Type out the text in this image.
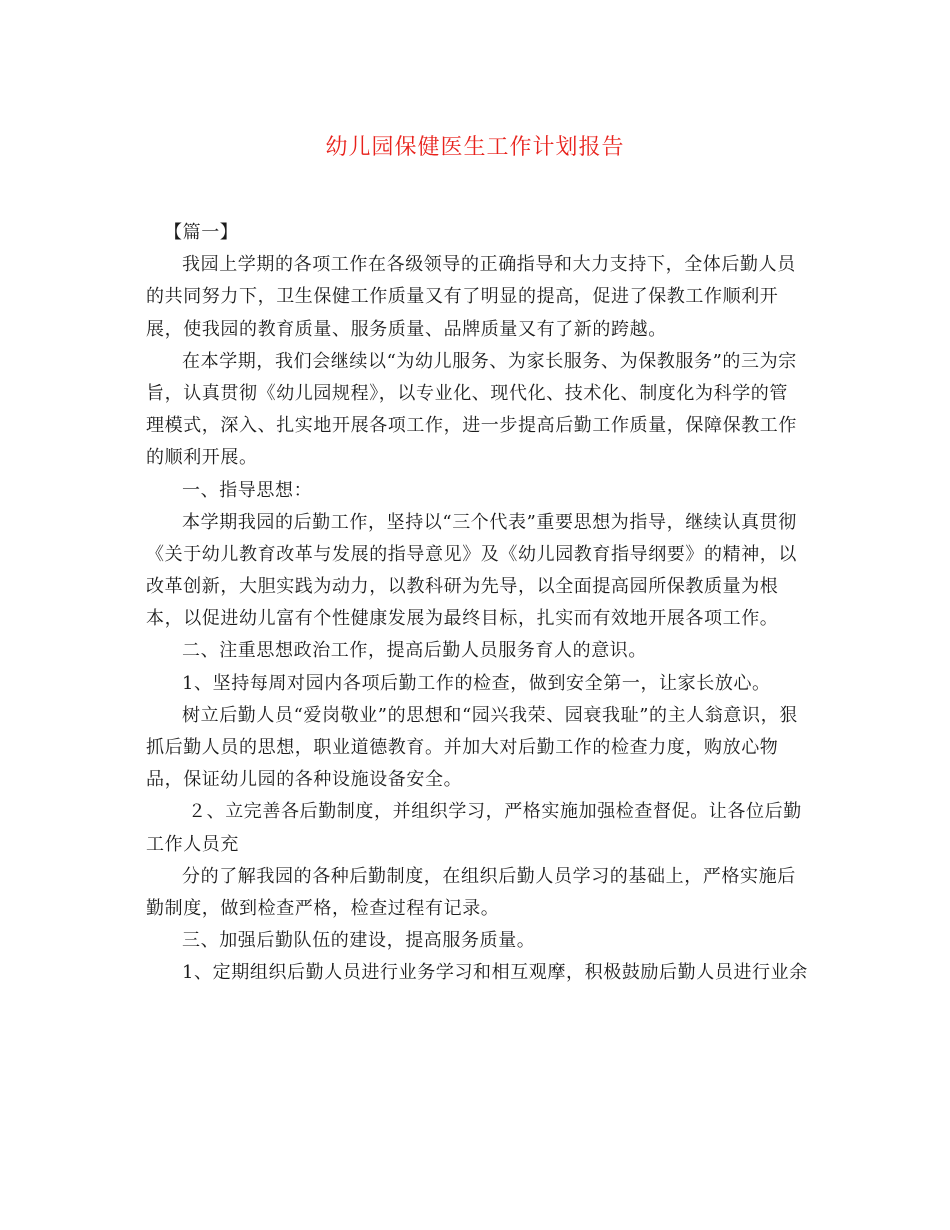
幼儿园保健医生工作计划报告
【篇一】
我园上学期的各项工作在各级领导的正确指导和大力支持下，全体后勤人员
的共同努力下，卫生保健工作质量又有了明显的提高，促进了保教工作顺利开
展，使我园的教育质量、服务质量、品牌质量又有了新的跨越。
在本学期，我们会继续以“为幼儿服务、为家长服务、为保教服务”的三为宗
旨，认真贯彻《幼儿园规程》，以专业化、现代化、技术化、制度化为科学的管
理模式，深入、扎实地开展各项工作，进一步提高后勤工作质量，保障保教工作
的顺利开展。
一、指导思想：
本学期我园的后勤工作，坚持以“三个代表”重要思想为指导，继续认真贯彻
《关于幼儿教育改革与发展的指导意见》及《幼儿园教育指导纲要》的精神，以
改革创新，大胆实践为动力，以教科研为先导，以全面提高园所保教质量为根
本，以促进幼儿富有个性健康发展为最终目标，扎实而有效地开展各项工作。
二、注重思想政治工作，提高后勤人员服务育人的意识。
1、坚持每周对园内各项后勤工作的检查，做到安全第一，让家长放心。
树立后勤人员“爱岗敬业”的思想和“园兴我荣、园衰我耻”的主人翁意识，狠
抓后勤人员的思想，职业道德教育。并加大对后勤工作的检查力度，购放心物
品，保证幼儿园的各种设施设备安全。
２、立完善各后勤制度，并组织学习，严格实施加强检查督促。让各位后勤
工作人员充
分的了解我园的各种后勤制度，在组织后勤人员学习的基础上，严格实施后
勤制度，做到检查严格，检查过程有记录。
三、加强后勤队伍的建设，提高服务质量。
1、定期组织后勤人员进行业务学习和相互观摩，积极鼓励后勤人员进行业余
